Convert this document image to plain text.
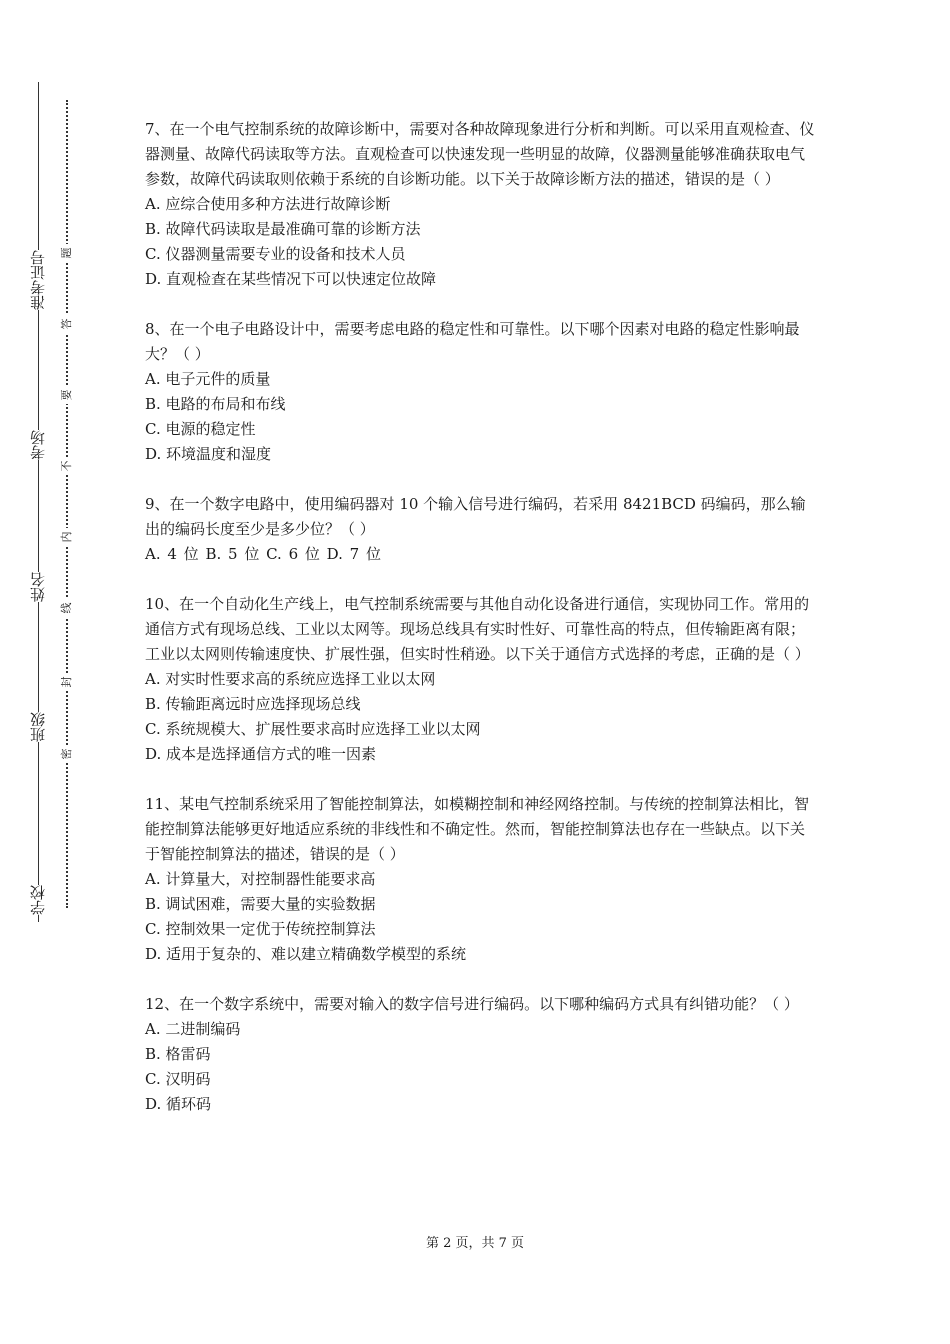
准考证号
考场
姓名
班级
学校
题
答
要
不
内
线
封
密

7、在一个电气控制系统的故障诊断中，需要对各种故障现象进行分析和判断。可以采用直观检查、仪器测量、故障代码读取等方法。直观检查可以快速发现一些明显的故障，仪器测量能够准确获取电气参数，故障代码读取则依赖于系统的自诊断功能。以下关于故障诊断方法的描述，错误的是（ ）

A. 应综合使用多种方法进行故障诊断

B. 故障代码读取是最准确可靠的诊断方法

C. 仪器测量需要专业的设备和技术人员

D. 直观检查在某些情况下可以快速定位故障

8、在一个电子电路设计中，需要考虑电路的稳定性和可靠性。以下哪个因素对电路的稳定性影响最大？（ ）

A. 电子元件的质量

B. 电路的布局和布线

C. 电源的稳定性

D. 环境温度和湿度

9、在一个数字电路中，使用编码器对 10 个输入信号进行编码，若采用 8421BCD 码编码，那么输出的编码长度至少是多少位？（ ）

A. 4 位 B. 5 位 C. 6 位 D. 7 位

10、在一个自动化生产线上，电气控制系统需要与其他自动化设备进行通信，实现协同工作。常用的通信方式有现场总线、工业以太网等。现场总线具有实时性好、可靠性高的特点，但传输距离有限；工业以太网则传输速度快、扩展性强，但实时性稍逊。以下关于通信方式选择的考虑，正确的是（ ）

A. 对实时性要求高的系统应选择工业以太网

B. 传输距离远时应选择现场总线

C. 系统规模大、扩展性要求高时应选择工业以太网

D. 成本是选择通信方式的唯一因素

11、某电气控制系统采用了智能控制算法，如模糊控制和神经网络控制。与传统的控制算法相比，智能控制算法能够更好地适应系统的非线性和不确定性。然而，智能控制算法也存在一些缺点。以下关于智能控制算法的描述，错误的是（ ）

A. 计算量大，对控制器性能要求高

B. 调试困难，需要大量的实验数据

C. 控制效果一定优于传统控制算法

D. 适用于复杂的、难以建立精确数学模型的系统

12、在一个数字系统中，需要对输入的数字信号进行编码。以下哪种编码方式具有纠错功能？（ ）

A. 二进制编码

B. 格雷码

C. 汉明码

D. 循环码

第 2 页，共 7 页
